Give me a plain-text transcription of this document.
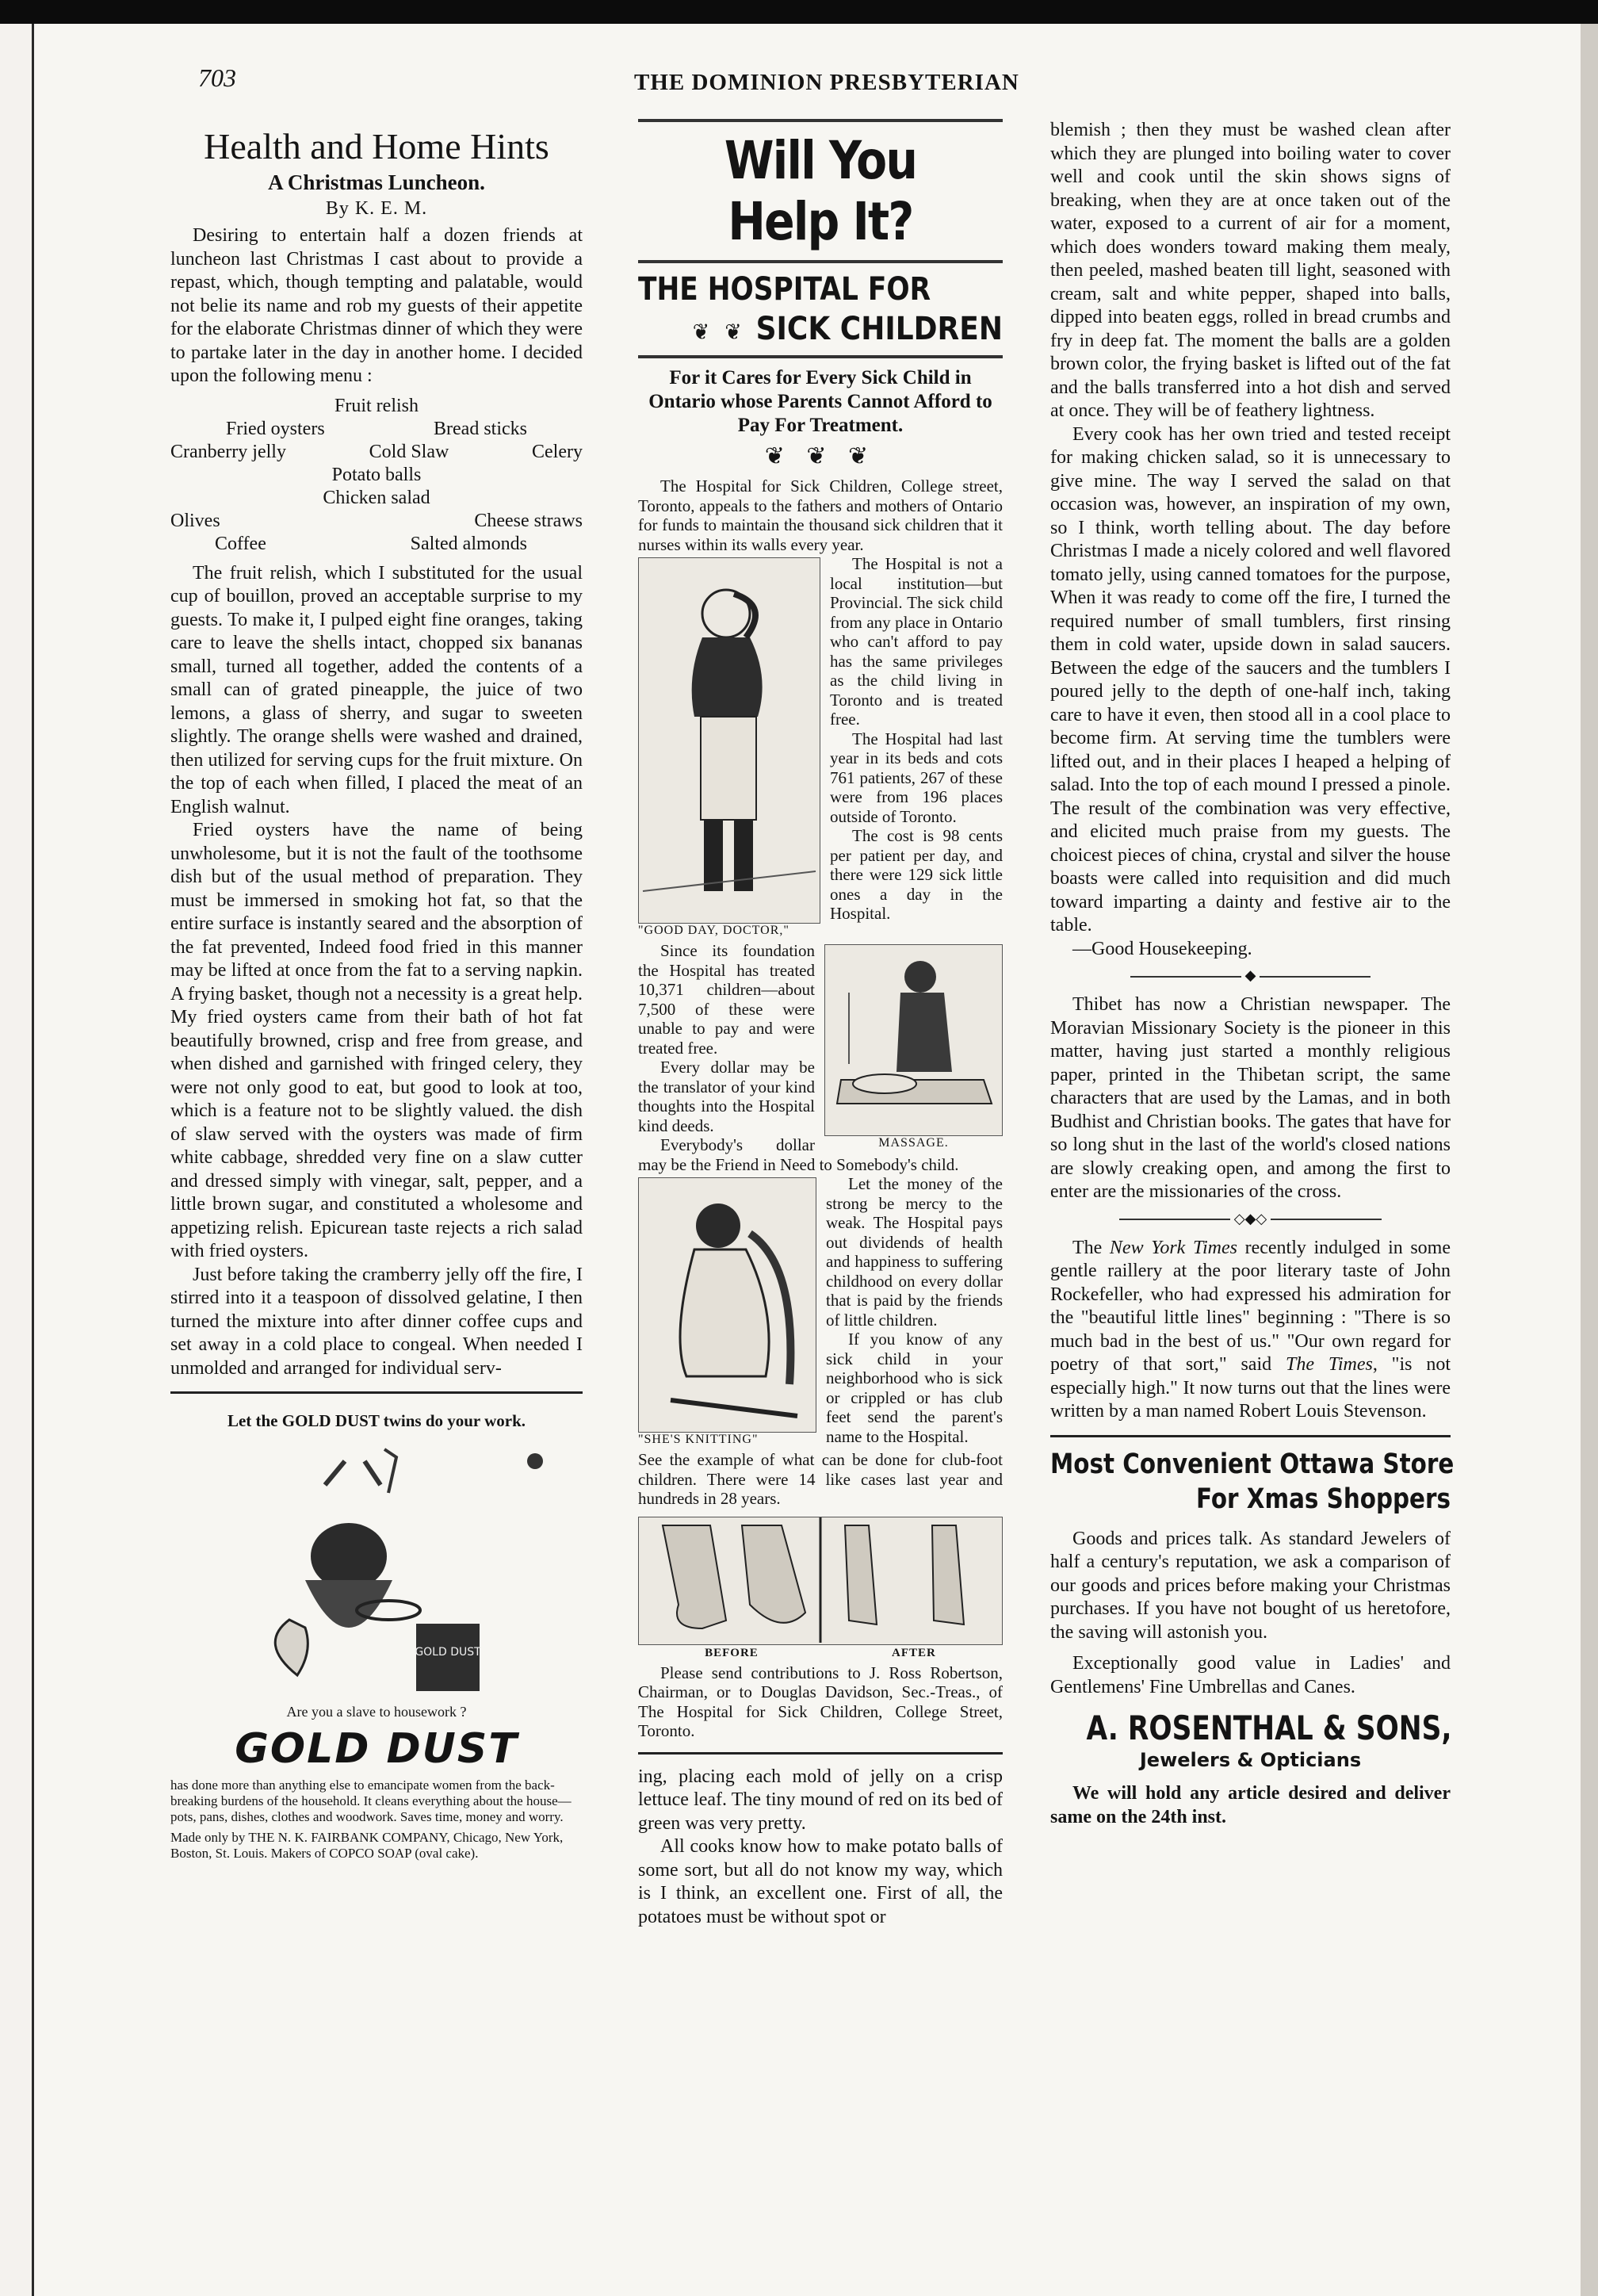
703	THE DOMINION PRESBYTERIAN
Health and Home Hints
A Christmas Luncheon.
By K. E. M.

Desiring to entertain half a dozen friends at luncheon last Christmas I cast about to provide a repast, which, though tempting and palatable, would not belie its name and rob my guests of their appetite for the elaborate Christmas dinner of which they were to partake later in the day in another home. I decided upon the following menu :

Fruit relish
Fried oysters	Bread sticks
Cranberry jelly	Cold Slaw	Celery
Potato balls
Chicken salad
Olives	Cheese straws
Coffee	Salted almonds

The fruit relish, which I substituted for the usual cup of bouillon, proved an acceptable surprise to my guests. To make it, I pulped eight fine oranges, taking care to leave the shells intact, chopped six bananas small, turned all together, added the contents of a small can of grated pineapple, the juice of two lemons, a glass of sherry, and sugar to sweeten slightly. The orange shells were washed and drained, then utilized for serving cups for the fruit mixture. On the top of each when filled, I placed the meat of an English walnut.

Fried oysters have the name of being unwholesome, but it is not the fault of the toothsome dish but of the usual method of preparation. They must be immersed in smoking hot fat, so that the entire surface is instantly seared and the absorption of the fat prevented, Indeed food fried in this manner may be lifted at once from the fat to a serving napkin. A frying basket, though not a necessity is a great help. My fried oysters came from their bath of hot fat beautifully browned, crisp and free from grease, and when dished and garnished with fringed celery, they were not only good to eat, but good to look at too, which is a feature not to be slightly valued. the dish of slaw served with the oysters was made of firm white cabbage, shredded very fine on a slaw cutter and dressed simply with vinegar, salt, pepper, and a little brown sugar, and constituted a wholesome and appetizing relish. Epicurean taste rejects a rich salad with fried oysters.

Just before taking the cramberry jelly off the fire, I stirred into it a teaspoon of dissolved gelatine, I then turned the mixture into after dinner coffee cups and set away in a cold place to congeal. When needed I unmolded and arranged for individual serv-

Let the GOLD DUST twins do your work.
GOLD DUST
Are you a slave to housework ?
GOLD DUST
has done more than anything else to emancipate women from the back-breaking burdens of the household. It cleans everything about the house—pots, pans, dishes, clothes and woodwork. Saves time, money and worry.
Made only by THE N. K. FAIRBANK COMPANY, Chicago, New York, Boston, St. Louis. Makers of COPCO SOAP (oval cake).
Will You Help It?
THE HOSPITAL FOR
❦ ❦ SICK CHILDREN
For it Cares for Every Sick Child in Ontario whose Parents Cannot Afford to Pay For Treatment.
❦ ❦ ❦

The Hospital for Sick Children, College street, Toronto, appeals to the fathers and mothers of Ontario for funds to maintain the thousand sick children that it nurses within its walls every year.

"GOOD DAY, DOCTOR,"

The Hospital is not a local institution—but Provincial. The sick child from any place in Ontario who can't afford to pay has the same privileges as the child living in Toronto and is treated free.

The Hospital had last year in its beds and cots 761 patients, 267 of these were from 196 places outside of Toronto.

The cost is 98 cents per patient per day, and there were 129 sick little ones a day in the Hospital.

MASSAGE.

Since its foundation the Hospital has treated 10,371 children—about 7,500 of these were unable to pay and were treated free.

Every dollar may be the translator of your kind thoughts into the Hospital kind deeds.

Everybody's dollar may be the Friend in Need to Somebody's child.

"SHE'S KNITTING"

Let the money of the strong be mercy to the weak. The Hospital pays out dividends of health and happiness to suffering childhood on every dollar that is paid by the friends of little children.

If you know of any sick child in your neighborhood who is sick or crippled or has club feet send the parent's name to the Hospital.

See the example of what can be done for club-foot children. There were 14 like cases last year and hundreds in 28 years.

BEFORE	AFTER

Please send contributions to J. Ross Robertson, Chairman, or to Douglas Davidson, Sec.-Treas., of The Hospital for Sick Children, College Street, Toronto.

ing, placing each mold of jelly on a crisp lettuce leaf. The tiny mound of red on its bed of green was very pretty.

All cooks know how to make potato balls of some sort, but all do not know my way, which is I think, an excellent one. First of all, the potatoes must be without spot or

blemish ; then they must be washed clean after which they are plunged into boiling water to cover well and cook until the skin shows signs of breaking, when they are at once taken out of the water, exposed to a current of air for a moment, which does wonders toward making them mealy, then peeled, mashed beaten till light, seasoned with cream, salt and white pepper, shaped into balls, dipped into beaten eggs, rolled in bread crumbs and fry in deep fat. The moment the balls are a golden brown color, the frying basket is lifted out of the fat and the balls transferred into a hot dish and served at once. They will be of feathery lightness.

Every cook has her own tried and tested receipt for making chicken salad, so it is unnecessary to give mine. The way I served the salad on that occasion was, however, an inspiration of my own, so I think, worth telling about. The day before Christmas I made a nicely colored and well flavored tomato jelly, using canned tomatoes for the purpose, When it was ready to come off the fire, I turned the required number of small tumblers, first rinsing them in cold water, upside down in salad saucers. Between the edge of the saucers and the tumblers I poured jelly to the depth of one-half inch, taking care to have it even, then stood all in a cool place to become firm. At serving time the tumblers were lifted out, and in their places I heaped a helping of salad. Into the top of each mound I pressed a pinole. The result of the combination was very effective, and elicited much praise from my guests. The choicest pieces of china, crystal and silver the house boasts were called into requisition and did much toward imparting a dainty and festive air to the table.

—Good Housekeeping.

◆

Thibet has now a Christian newspaper. The Moravian Missionary Society is the pioneer in this matter, having just started a monthly religious paper, printed in the Thibetan script, the same characters that are used by the Lamas, and in both Budhist and Christian books. The gates that have for so long shut in the last of the world's closed nations are slowly creaking open, and among the first to enter are the missionaries of the cross.

◇◆◇

The New York Times recently indulged in some gentle raillery at the poor literary taste of John Rockefeller, who had expressed his admiration for the "beautiful little lines" beginning : "There is so much bad in the best of us." "Our own regard for poetry of that sort," said The Times, "is not especially high." It now turns out that the lines were written by a man named Robert Louis Stevenson.

Most Convenient Ottawa Store
For Xmas Shoppers

Goods and prices talk. As standard Jewelers of half a century's reputation, we ask a comparison of our goods and prices before making your Christmas purchases. If you have not bought of us heretofore, the saving will astonish you.

Exceptionally good value in Ladies' and Gentlemens' Fine Umbrellas and Canes.

A. ROSENTHAL & SONS,
Jewelers & Opticians

We will hold any article desired and deliver same on the 24th inst.
